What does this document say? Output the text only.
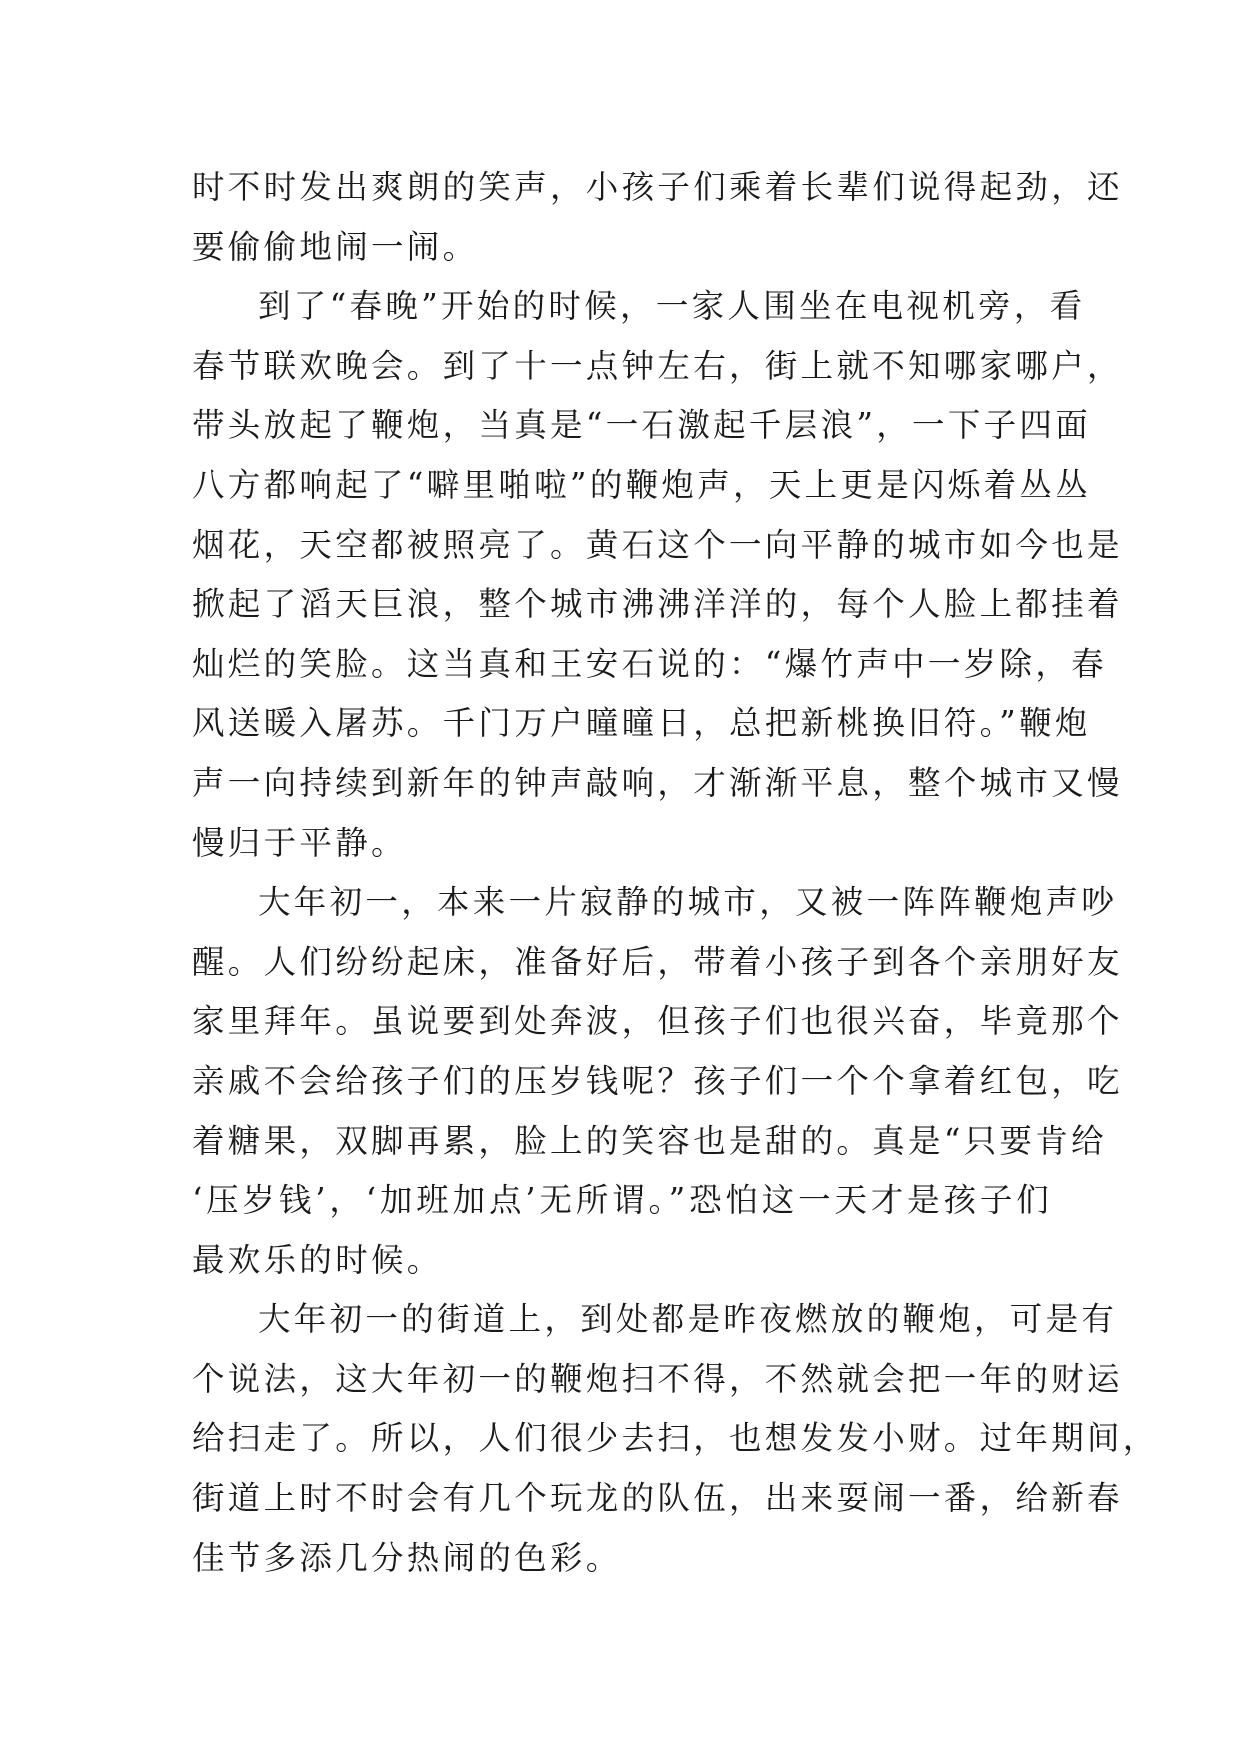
时不时发出爽朗的笑声，小孩子们乘着长辈们说得起劲，还
要偷偷地闹一闹。
到了“春晚”开始的时候，一家人围坐在电视机旁，看
春节联欢晚会。到了十一点钟左右，街上就不知哪家哪户，
带头放起了鞭炮，当真是“一石激起千层浪”，一下子四面
八方都响起了“噼里啪啦”的鞭炮声，天上更是闪烁着丛丛
烟花，天空都被照亮了。黄石这个一向平静的城市如今也是
掀起了滔天巨浪，整个城市沸沸洋洋的，每个人脸上都挂着
灿烂的笑脸。这当真和王安石说的：“爆竹声中一岁除，春
风送暖入屠苏。千门万户曈曈日，总把新桃换旧符。”鞭炮
声一向持续到新年的钟声敲响，才渐渐平息，整个城市又慢
慢归于平静。
大年初一，本来一片寂静的城市，又被一阵阵鞭炮声吵
醒。人们纷纷起床，准备好后，带着小孩子到各个亲朋好友
家里拜年。虽说要到处奔波，但孩子们也很兴奋，毕竟那个
亲戚不会给孩子们的压岁钱呢？孩子们一个个拿着红包，吃
着糖果，双脚再累，脸上的笑容也是甜的。真是“只要肯给
‘压岁钱’，‘加班加点’无所谓。”恐怕这一天才是孩子们
最欢乐的时候。
大年初一的街道上，到处都是昨夜燃放的鞭炮，可是有
个说法，这大年初一的鞭炮扫不得，不然就会把一年的财运
给扫走了。所以，人们很少去扫，也想发发小财。过年期间，
街道上时不时会有几个玩龙的队伍，出来耍闹一番，给新春
佳节多添几分热闹的色彩。
